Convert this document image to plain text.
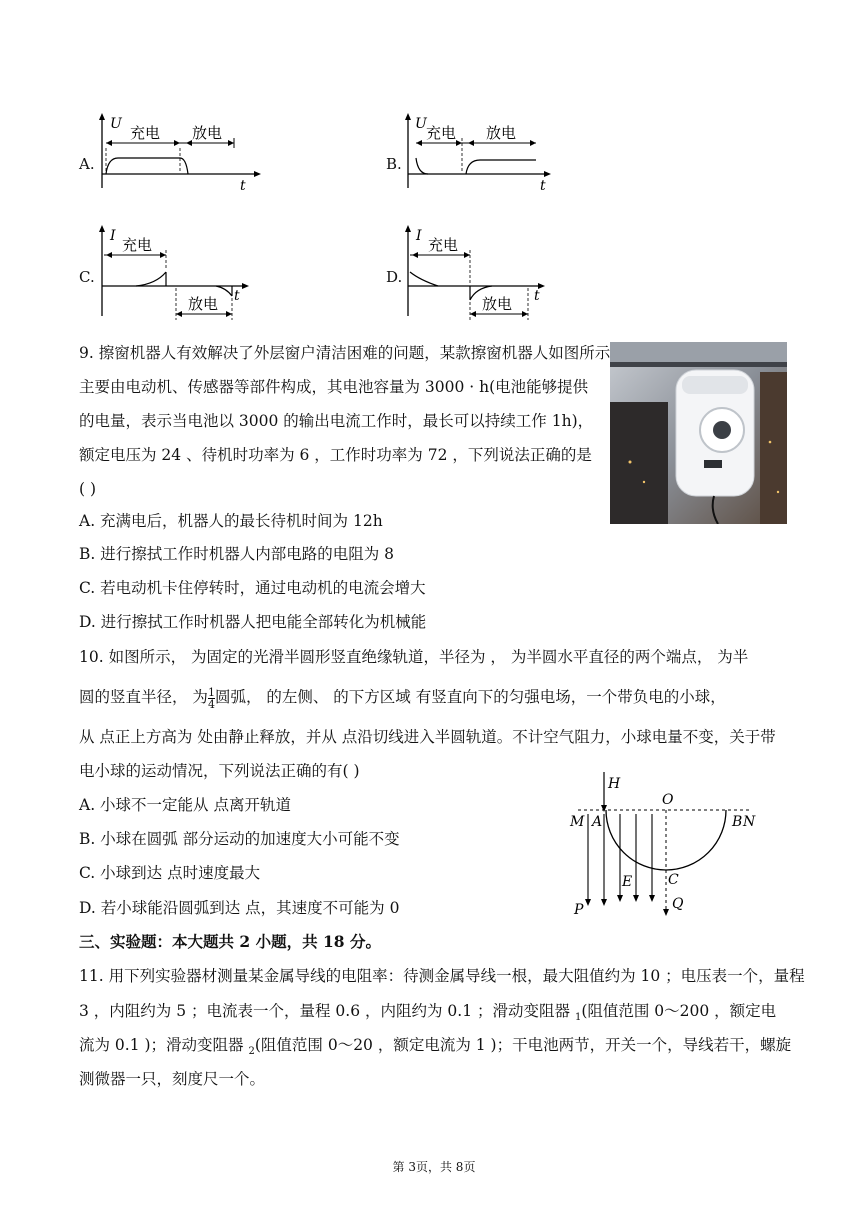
A.
U 充电 放电
t
B.
U 充电 放电
t
C.
I 充电
放电 t
D.
I 充电
放电 t
9. 擦窗机器人有效解决了外层窗户清洁困难的问题，某款擦窗机器人如图所示
主要由电动机、传感器等部件构成，其电池容量为 3000 · h(电池能够提供
的电量，表示当电池以 3000 的输出电流工作时，最长可以持续工作 1h)，
额定电压为 24 、待机时功率为 6 ，工作时功率为 72 ，下列说法正确的是
( )
A. 充满电后，机器人的最长待机时间为 12h
B. 进行擦拭工作时机器人内部电路的电阻为 8
C. 若电动机卡住停转时，通过电动机的电流会增大
D. 进行擦拭工作时机器人把电能全部转化为机械能
10. 如图所示， 为固定的光滑半圆形竖直绝缘轨道，半径为 ， 为半圆水平直径的两个端点， 为半
圆的竖直半径， 为 $\frac{1}{4}$ 圆弧， 的左侧、 的下方区域 有竖直向下的匀强电场，一个带负电的小球，
从 点正上方高为 处由静止释放，并从 点沿切线进入半圆轨道。不计空气阻力，小球电量不变，关于带
电小球的运动情况，下列说法正确的有( )
A. 小球不一定能从 点离开轨道
B. 小球在圆弧 部分运动的加速度大小可能不变
C. 小球到达 点时速度最大
D. 若小球能沿圆弧到达 点，其速度不可能为 0
H
O
M A	B N
E	C
P	Q
三、实验题：本大题共 2 小题，共 18 分。
11. 用下列实验器材测量某金属导线的电阻率：待测金属导线一根，最大阻值约为 10 ；电压表一个，量程
3 ，内阻约为 5 ；电流表一个，量程 0.6 ，内阻约为 0.1 ；滑动变阻器 $_1$(阻值范围 0～200 ，额定电
流为 0.1 )；滑动变阻器 $_2$(阻值范围 0～20 ，额定电流为 1 )；干电池两节，开关一个，导线若干，螺旋
测微器一只，刻度尺一个。
第 3页，共 8页
